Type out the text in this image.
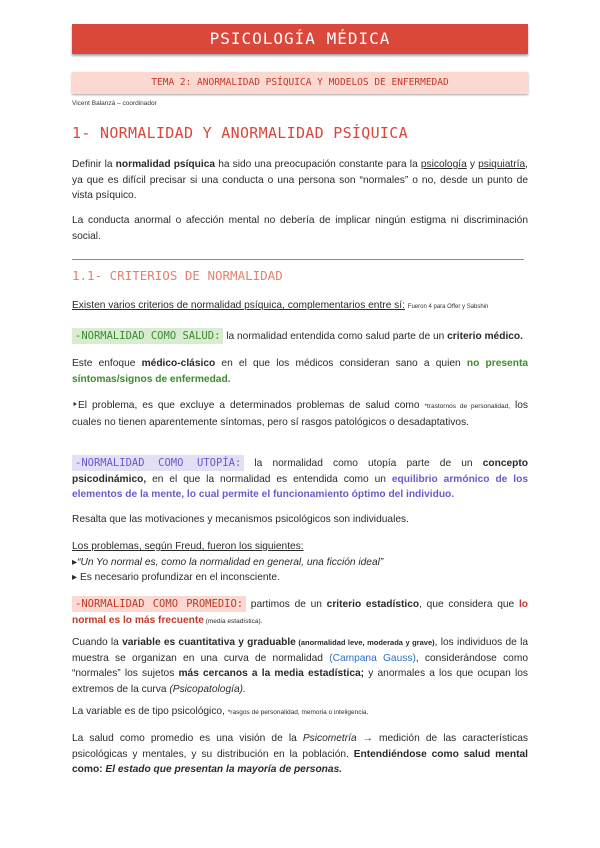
PSICOLOGÍA MÉDICA
TEMA 2: ANORMALIDAD PSÍQUICA Y MODELOS DE ENFERMEDAD
Vicent Balanzá – coordinador
1- NORMALIDAD Y ANORMALIDAD PSÍQUICA
Definir la normalidad psíquica ha sido una preocupación constante para la psicología y psiquiatría, ya que es difícil precisar si una conducta o una persona son “normales” o no, desde un punto de vista psíquico.
La conducta anormal o afección mental no debería de implicar ningún estigma ni discriminación social.
1.1- CRITERIOS DE NORMALIDAD
Existen varios criterios de normalidad psíquica, complementarios entre sí: Fueron 4 para Offer y Sabshin
-NORMALIDAD COMO SALUD: la normalidad entendida como salud parte de un criterio médico.
Este enfoque médico-clásico en el que los médicos consideran sano a quien no presenta síntomas/signos de enfermedad.
‣El problema, es que excluye a determinados problemas de salud como *trastornos de personalidad, los cuales no tienen aparentemente síntomas, pero sí rasgos patológicos o desadaptativos.
-NORMALIDAD COMO UTOPÍA: la normalidad como utopía parte de un concepto psicodinámico, en el que la normalidad es entendida como un equilibrio armónico de los elementos de la mente, lo cual permite el funcionamiento óptimo del individuo.
Resalta que las motivaciones y mecanismos psicológicos son individuales.
Los problemas, según Freud, fueron los siguientes:
▸“Un Yo normal es, como la normalidad en general, una ficción ideal”
▸ Es necesario profundizar en el inconsciente.
-NORMALIDAD COMO PROMEDIO: partimos de un criterio estadístico, que considera que lo normal es lo más frecuente (media estadística).
Cuando la variable es cuantitativa y graduable (anormalidad leve, moderada y grave), los individuos de la muestra se organizan en una curva de normalidad (Campana Gauss), considerándose como “normales” los sujetos más cercanos a la media estadística; y anormales a los que ocupan los extremos de la curva (Psicopatología).
La variable es de tipo psicológico, *rasgos de personalidad, memoria o inteligencia.
La salud como promedio es una visión de la Psicometría → medición de las características psicológicas y mentales, y su distribución en la población. Entendiéndose como salud mental como: El estado que presentan la mayoría de personas.
